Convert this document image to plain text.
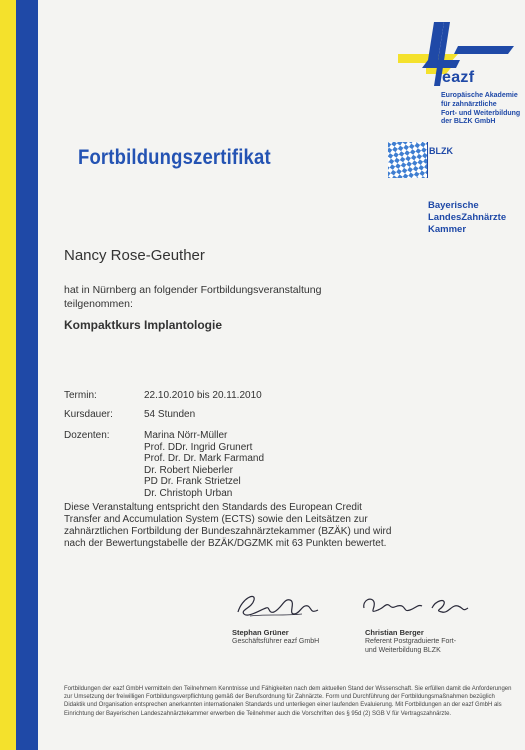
eazf
Europäische Akademie
für zahnärztliche
Fort- und Weiterbildung
der BLZK GmbH
Fortbildungszertifikat	BLZK
Bayerische
LandesZahnärzte
Kammer
Nancy Rose-Geuther
hat in Nürnberg an folgender Fortbildungsveranstaltung teilgenommen:
Kompaktkurs Implantologie
Termin:	22.10.2010 bis 20.11.2010
Kursdauer:	54 Stunden
Dozenten:	Marina Nörr-Müller
Prof. DDr. Ingrid Grunert
Prof. Dr. Dr. Mark Farmand
Dr. Robert Nieberler
PD Dr. Frank Strietzel
Dr. Christoph Urban
Diese Veranstaltung entspricht den Standards des European Credit Transfer and Accumulation System (ECTS) sowie den Leitsätzen zur zahnärztlichen Fortbildung der Bundeszahnärztekammer (BZÄK) und wird nach der Bewertungstabelle der BZÄK/DGZMK mit 63 Punkten bewertet.
Stephan Grüner
Geschäftsführer eazf GmbH
Christian Berger
Referent Postgraduierte Fort-
und Weiterbildung BLZK
Fortbildungen der eazf GmbH vermitteln den Teilnehmern Kenntnisse und Fähigkeiten nach dem aktuellen Stand der Wissenschaft. Sie erfüllen damit die Anforderungen zur Umsetzung der freiwilligen Fortbildungsverpflichtung gemäß der Berufsordnung für Zahnärzte. Form und Durchführung der Fortbildungsmaßnahmen bezüglich Didaktik und Organisation entsprechen anerkannten internationalen Standards und unterliegen einer laufenden Evaluierung. Mit Fortbildungen an der eazf GmbH als Einrichtung der Bayerischen Landeszahnärztekammer erwerben die Teilnehmer auch die Vorschriften des § 95d (2) SGB V für Vertragszahnärzte.
